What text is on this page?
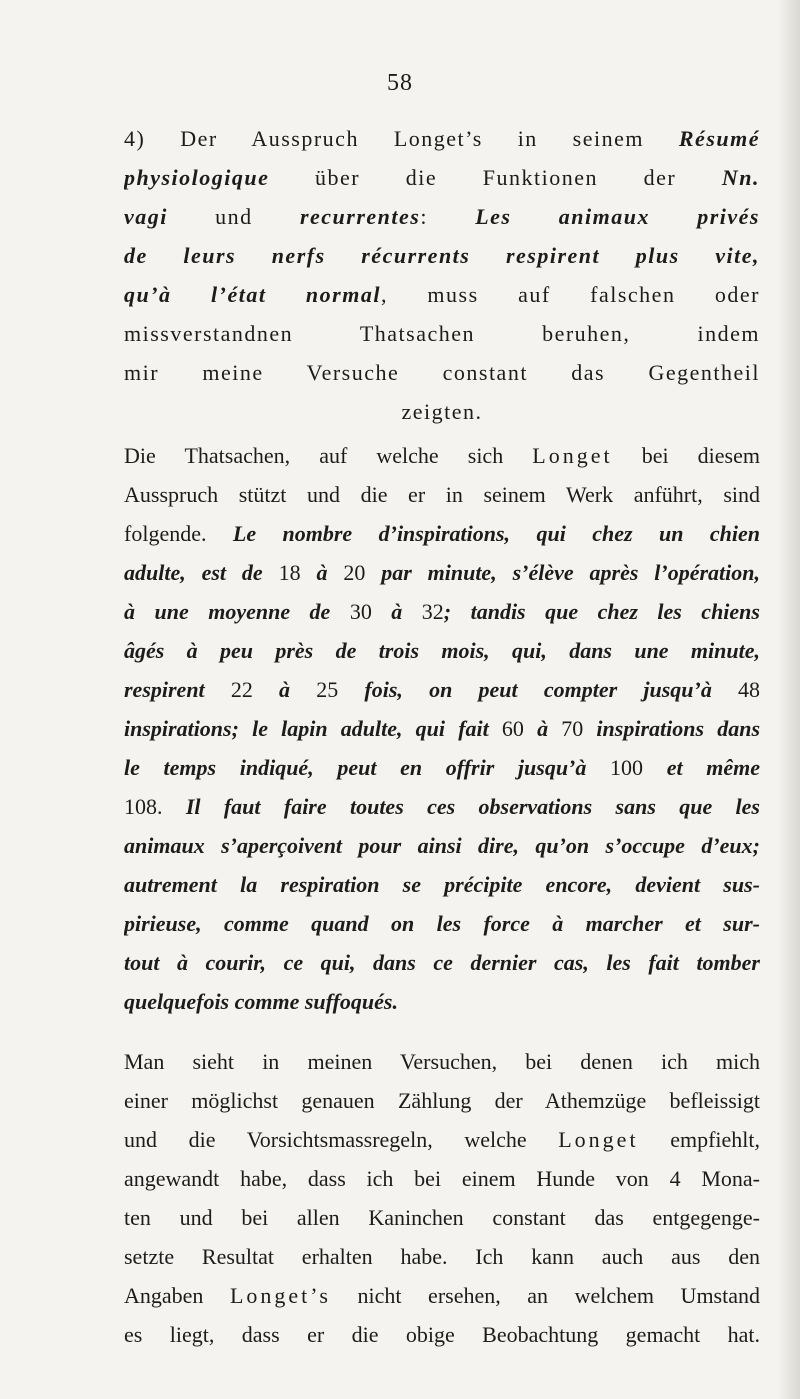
58
4) Der Ausspruch Longet’s in seinem Résumé
physiologique über die Funktionen der Nn.
vagi und recurrentes: Les animaux privés
de leurs nerfs récurrents respirent plus vite,
qu’à l’état normal, muss auf falschen oder
missverstandnen Thatsachen beruhen, indem
mir meine Versuche constant das Gegentheil
zeigten.
Die Thatsachen, auf welche sich Longet bei diesem
Ausspruch stützt und die er in seinem Werk anführt, sind
folgende. Le nombre d’inspirations, qui chez un chien
adulte, est de 18 à 20 par minute, s’élève après l’opération,
à une moyenne de 30 à 32; tandis que chez les chiens
âgés à peu près de trois mois, qui, dans une minute,
respirent 22 à 25 fois, on peut compter jusqu’à 48
inspirations; le lapin adulte, qui fait 60 à 70 inspirations dans
le temps indiqué, peut en offrir jusqu’à 100 et même
108. Il faut faire toutes ces observations sans que les
animaux s’aperçoivent pour ainsi dire, qu’on s’occupe d’eux;
autrement la respiration se précipite encore, devient sus-
pirieuse, comme quand on les force à marcher et sur-
tout à courir, ce qui, dans ce dernier cas, les fait tomber
quelquefois comme suffoqués.
Man sieht in meinen Versuchen, bei denen ich mich
einer möglichst genauen Zählung der Athemzüge befleissigt
und die Vorsichtsmassregeln, welche Longet empfiehlt,
angewandt habe, dass ich bei einem Hunde von 4 Mona-
ten und bei allen Kaninchen constant das entgegenge-
setzte Resultat erhalten habe. Ich kann auch aus den
Angaben Longet’s nicht ersehen, an welchem Umstand
es liegt, dass er die obige Beobachtung gemacht hat.
